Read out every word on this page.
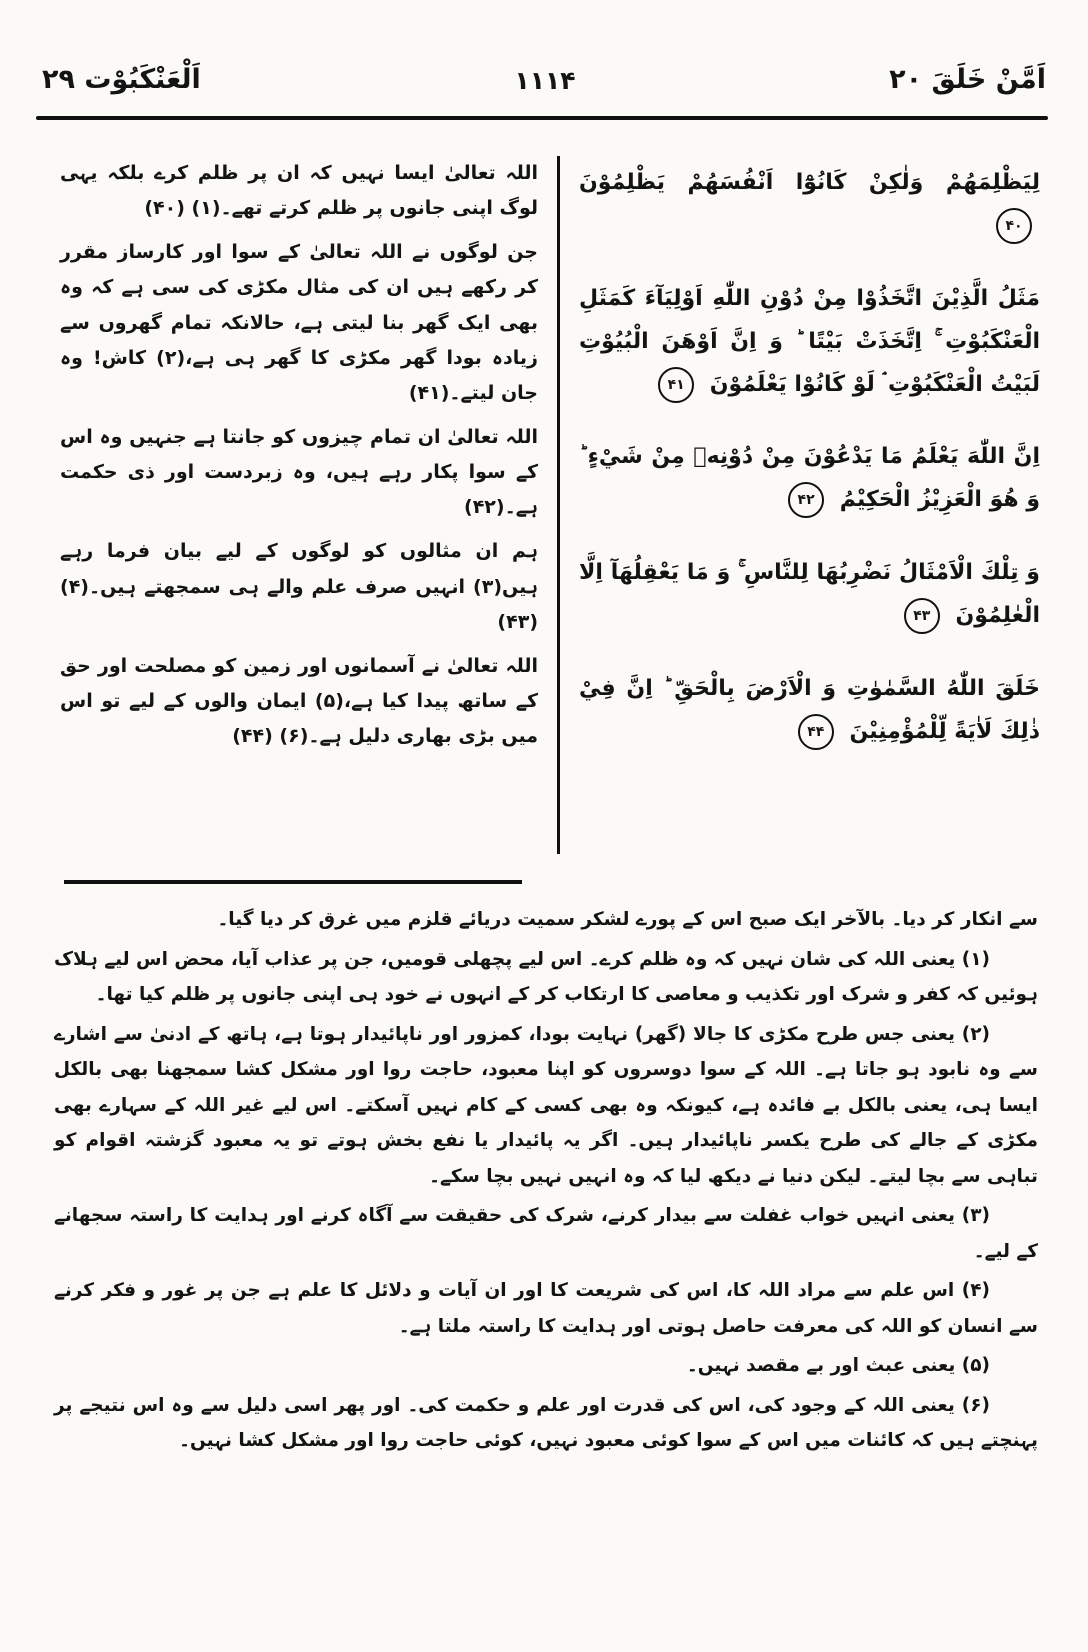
اَلْعَنْكَبُوْت ۲۹	۱۱۱۴	اَمَّنْ خَلَقَ ۲۰

اللہ تعالیٰ ایسا نہیں کہ ان پر ظلم کرے بلکہ یہی لوگ اپنی جانوں پر ظلم کرتے تھے۔(۱) (۴۰)

جن لوگوں نے اللہ تعالیٰ کے سوا اور کارساز مقرر کر رکھے ہیں ان کی مثال مکڑی کی سی ہے کہ وہ بھی ایک گھر بنا لیتی ہے، حالانکہ تمام گھروں سے زیادہ بودا گھر مکڑی کا گھر ہی ہے،(۲) کاش! وہ جان لیتے۔(۴۱)

اللہ تعالیٰ ان تمام چیزوں کو جانتا ہے جنہیں وہ اس کے سوا پکار رہے ہیں، وہ زبردست اور ذی حکمت ہے۔(۴۲)

ہم ان مثالوں کو لوگوں کے لیے بیان فرما رہے ہیں(۳) انہیں صرف علم والے ہی سمجھتے ہیں۔(۴) (۴۳)

اللہ تعالیٰ نے آسمانوں اور زمین کو مصلحت اور حق کے ساتھ پیدا کیا ہے،(۵) ایمان والوں کے لیے تو اس میں بڑی بھاری دلیل ہے۔(۶) (۴۴)

لِيَظْلِمَهُمْ وَلٰكِنْ كَانُوْٓا اَنْفُسَهُمْ يَظْلِمُوْنَ ۴۰
مَثَلُ الَّذِيْنَ اتَّخَذُوْا مِنْ دُوْنِ اللّٰهِ اَوْلِيَآءَ كَمَثَلِ الْعَنْكَبُوْتِ ۚ اِتَّخَذَتْ بَيْتًا ؕ وَ اِنَّ اَوْهَنَ الْبُيُوْتِ لَبَيْتُ الْعَنْكَبُوْتِ ۘ لَوْ كَانُوْا يَعْلَمُوْنَ ۴۱
اِنَّ اللّٰهَ يَعْلَمُ مَا يَدْعُوْنَ مِنْ دُوْنِهٖ مِنْ شَيْءٍ ؕ وَ هُوَ الْعَزِيْزُ الْحَكِيْمُ ۴۲
وَ تِلْكَ الْاَمْثَالُ نَضْرِبُهَا لِلنَّاسِ ۚ وَ مَا يَعْقِلُهَآ اِلَّا الْعٰلِمُوْنَ ۴۳
خَلَقَ اللّٰهُ السَّمٰوٰتِ وَ الْاَرْضَ بِالْحَقِّ ؕ اِنَّ فِيْ ذٰلِكَ لَاٰيَةً لِّلْمُؤْمِنِيْنَ ۴۴

سے انکار کر دیا۔ بالآخر ایک صبح اس کے پورے لشکر سمیت دریائے قلزم میں غرق کر دیا گیا۔

(۱) یعنی اللہ کی شان نہیں کہ وہ ظلم کرے۔ اس لیے پچھلی قومیں، جن پر عذاب آیا، محض اس لیے ہلاک ہوئیں کہ کفر و شرک اور تکذیب و معاصی کا ارتکاب کر کے انہوں نے خود ہی اپنی جانوں پر ظلم کیا تھا۔

(۲) یعنی جس طرح مکڑی کا جالا (گھر) نہایت بودا، کمزور اور ناپائیدار ہوتا ہے، ہاتھ کے ادنیٰ سے اشارے سے وہ نابود ہو جاتا ہے۔ اللہ کے سوا دوسروں کو اپنا معبود، حاجت روا اور مشکل کشا سمجھنا بھی بالکل ایسا ہی، یعنی بالکل بے فائدہ ہے، کیونکہ وہ بھی کسی کے کام نہیں آسکتے۔ اس لیے غیر اللہ کے سہارے بھی مکڑی کے جالے کی طرح یکسر ناپائیدار ہیں۔ اگر یہ پائیدار یا نفع بخش ہوتے تو یہ معبود گزشتہ اقوام کو تباہی سے بچا لیتے۔ لیکن دنیا نے دیکھ لیا کہ وہ انہیں نہیں بچا سکے۔

(۳) یعنی انہیں خواب غفلت سے بیدار کرنے، شرک کی حقیقت سے آگاہ کرنے اور ہدایت کا راستہ سجھانے کے لیے۔

(۴) اس علم سے مراد اللہ کا، اس کی شریعت کا اور ان آیات و دلائل کا علم ہے جن پر غور و فکر کرنے سے انسان کو اللہ کی معرفت حاصل ہوتی اور ہدایت کا راستہ ملتا ہے۔

(۵) یعنی عبث اور بے مقصد نہیں۔

(۶) یعنی اللہ کے وجود کی، اس کی قدرت اور علم و حکمت کی۔ اور پھر اسی دلیل سے وہ اس نتیجے پر پہنچتے ہیں کہ کائنات میں اس کے سوا کوئی معبود نہیں، کوئی حاجت روا اور مشکل کشا نہیں۔
